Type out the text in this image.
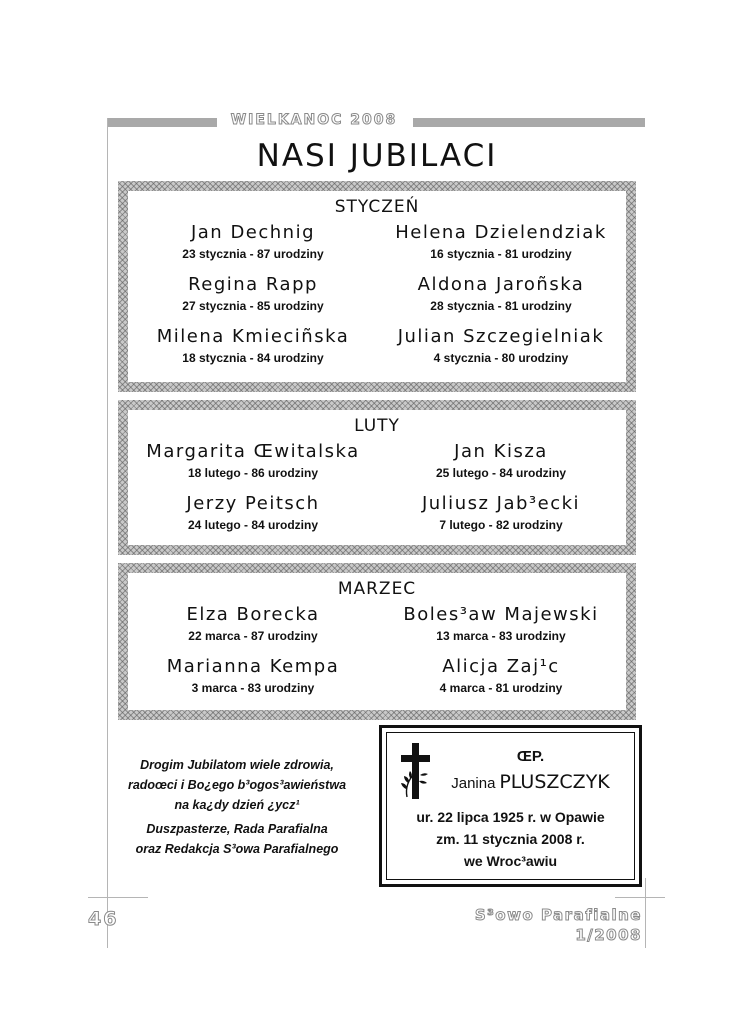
WIELKANOC 2008
NASI JUBILACI
STYCZEŃ
Jan Dechnig
23 stycznia - 87 urodziny
Regina Rapp
27 stycznia - 85 urodziny
Milena Kmieciñska
18 stycznia - 84 urodziny
Helena Dzielendziak
16 stycznia - 81 urodziny
Aldona Jaroñska
28 stycznia - 81 urodziny
Julian Szczegielniak
4 stycznia - 80 urodziny
LUTY
Margarita Œwitalska
18 lutego - 86 urodziny
Jerzy Peitsch
24 lutego - 84 urodziny
Jan Kisza
25 lutego - 84 urodziny
Juliusz Jab³ecki
7 lutego - 82 urodziny
MARZEC
Elza Borecka
22 marca - 87 urodziny
Marianna Kempa
3 marca - 83 urodziny
Boles³aw Majewski
13 marca - 83 urodziny
Alicja Zaj¹c
4 marca - 81 urodziny
Drogim Jubilatom wiele zdrowia,
radoœci i Bo¿ego b³ogos³awieństwa
na ka¿dy dzień ¿ycz¹
Duszpasterze, Rada Parafialna
oraz Redakcja S³owa Parafialnego
ŒP.
Janina PLUSZCZYK
ur. 22 lipca 1925 r. w Opawie
zm. 11 stycznia 2008 r.
we Wroc³awiu
46	S³owo Parafialne
1/2008
